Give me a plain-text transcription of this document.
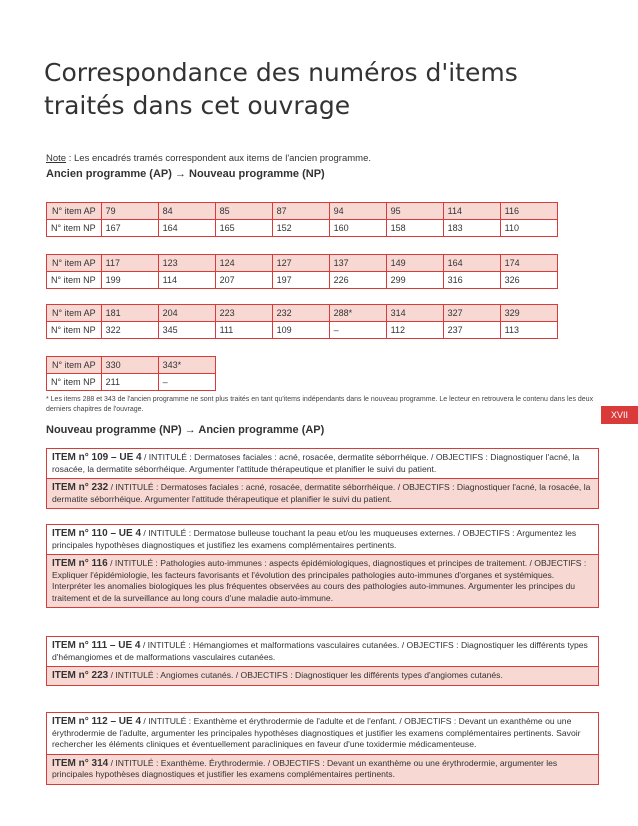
Correspondance des numéros d'items traités dans cet ouvrage

Note : Les encadrés tramés correspondent aux items de l'ancien programme.

Ancien programme (AP) → Nouveau programme (NP)

N° item AP	79	84	85	87	94	95	114	116
N° item NP	167	164	165	152	160	158	183	110
N° item AP	117	123	124	127	137	149	164	174
N° item NP	199	114	207	197	226	299	316	326
N° item AP	181	204	223	232	288*	314	327	329
N° item NP	322	345	111	109	–	112	237	113
N° item AP	330	343*
N° item NP	211	–

* Les items 288 et 343 de l'ancien programme ne sont plus traités en tant qu'items indépendants dans le nouveau programme. Le lecteur en retrouvera le contenu dans les deux derniers chapitres de l'ouvrage.

XVII

Nouveau programme (NP) → Ancien programme (AP)

ITEM n° 109 – UE 4 / INTITULÉ : Dermatoses faciales : acné, rosacée, dermatite séborrhéique. / OBJECTIFS : Diagnostiquer l'acné, la rosacée, la dermatite séborrhéique. Argumenter l'attitude thérapeutique et planifier le suivi du patient.

ITEM n° 232 / INTITULÉ : Dermatoses faciales : acné, rosacée, dermatite séborrhéique. / OBJECTIFS : Diagnostiquer l'acné, la rosacée, la dermatite séborrhéique. Argumenter l'attitude thérapeutique et planifier le suivi du patient.

ITEM n° 110 – UE 4 / INTITULÉ : Dermatose bulleuse touchant la peau et/ou les muqueuses externes. / OBJECTIFS : Argumentez les principales hypothèses diagnostiques et justifiez les examens complémentaires pertinents.

ITEM n° 116 / INTITULÉ : Pathologies auto-immunes : aspects épidémiologiques, diagnostiques et principes de traitement. / OBJECTIFS : Expliquer l'épidémiologie, les facteurs favorisants et l'évolution des principales pathologies auto-immunes d'organes et systémiques. Interpréter les anomalies biologiques les plus fréquentes observées au cours des pathologies auto-immunes. Argumenter les principes du traitement et de la surveillance au long cours d'une maladie auto-immune.

ITEM n° 111 – UE 4 / INTITULÉ : Hémangiomes et malformations vasculaires cutanées. / OBJECTIFS : Diagnostiquer les différents types d'hémangiomes et de malformations vasculaires cutanées.

ITEM n° 223 / INTITULÉ : Angiomes cutanés. / OBJECTIFS : Diagnostiquer les différents types d'angiomes cutanés.

ITEM n° 112 – UE 4 / INTITULÉ : Exanthème et érythrodermie de l'adulte et de l'enfant. / OBJECTIFS : Devant un exanthème ou une érythrodermie de l'adulte, argumenter les principales hypothèses diagnostiques et justifier les examens complémentaires pertinents. Savoir rechercher les éléments cliniques et éventuellement paracliniques en faveur d'une toxidermie médicamenteuse.

ITEM n° 314 / INTITULÉ : Exanthème. Érythrodermie. / OBJECTIFS : Devant un exanthème ou une érythrodermie, argumenter les principales hypothèses diagnostiques et justifier les examens complémentaires pertinents.
